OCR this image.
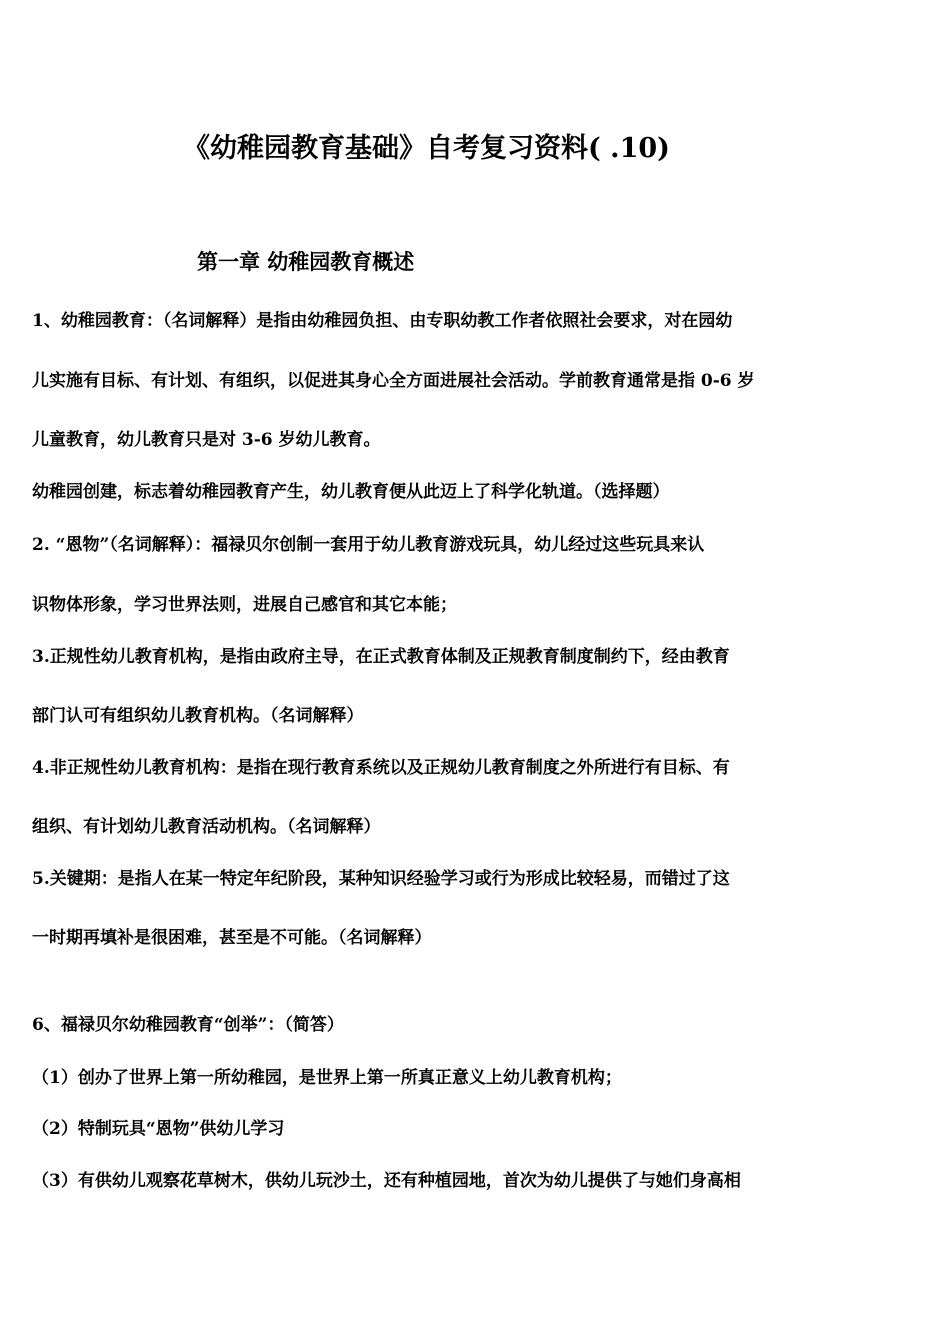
《幼稚园教育基础》自考复习资料( .10)
第一章 幼稚园教育概述
1、幼稚园教育：（名词解释）是指由幼稚园负担、由专职幼教工作者依照社会要求，对在园幼
儿实施有目标、有计划、有组织，以促进其身心全方面进展社会活动。学前教育通常是指 0-6 岁
儿童教育，幼儿教育只是对 3-6 岁幼儿教育。
幼稚园创建，标志着幼稚园教育产生，幼儿教育便从此迈上了科学化轨道。（选择题）
2. “恩物”（名词解释）：福禄贝尔创制一套用于幼儿教育游戏玩具，幼儿经过这些玩具来认
识物体形象，学习世界法则，进展自己感官和其它本能；
3.正规性幼儿教育机构，是指由政府主导，在正式教育体制及正规教育制度制约下，经由教育
部门认可有组织幼儿教育机构。（名词解释）
4.非正规性幼儿教育机构：是指在现行教育系统以及正规幼儿教育制度之外所进行有目标、有
组织、有计划幼儿教育活动机构。（名词解释）
5.关键期：是指人在某一特定年纪阶段，某种知识经验学习或行为形成比较轻易，而错过了这
一时期再填补是很困难，甚至是不可能。（名词解释）
6、福禄贝尔幼稚园教育“创举”：（简答）
（1）创办了世界上第一所幼稚园，是世界上第一所真正意义上幼儿教育机构；
（2）特制玩具“恩物”供幼儿学习
（3）有供幼儿观察花草树木，供幼儿玩沙土，还有种植园地，首次为幼儿提供了与她们身高相
